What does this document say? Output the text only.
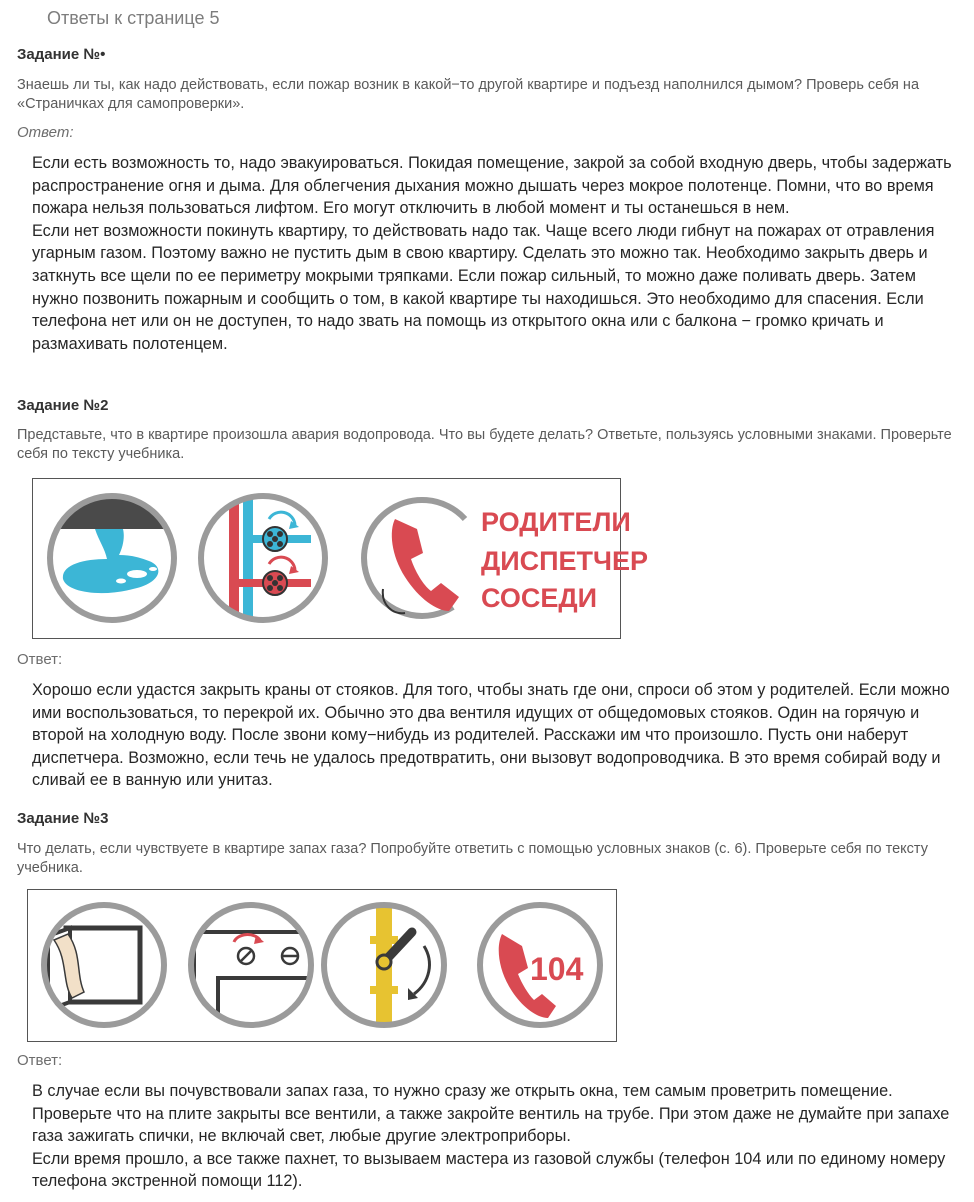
Ответы к странице 5
Задание №•
Знаешь ли ты, как надо действовать, если пожар возник в какой−то другой квартире и подъезд наполнился дымом? Проверь себя на «Страничках для самопроверки».
Ответ:

Если есть возможность то, надо эвакуироваться. Покидая помещение, закрой за собой входную дверь, чтобы задержать распространение огня и дыма. Для облегчения дыхания можно дышать через мокрое полотенце. Помни, что во время пожара нельзя пользоваться лифтом. Его могут отключить в любой момент и ты останешься в нем.

Если нет возможности покинуть квартиру, то действовать надо так. Чаще всего люди гибнут на пожарах от отравления угарным газом. Поэтому важно не пустить дым в свою квартиру. Сделать это можно так. Необходимо закрыть дверь и заткнуть все щели по ее периметру мокрыми тряпками. Если пожар сильный, то можно даже поливать дверь. Затем нужно позвонить пожарным и сообщить о том, в какой квартире ты находишься. Это необходимо для спасения. Если телефона нет или он не доступен, то надо звать на помощь из открытого окна или с балкона − громко кричать и размахивать полотенцем.

Задание №2
Представьте, что в квартире произошла авария водопровода. Что вы будете делать? Ответьте, пользуясь условными знаками. Проверьте себя по тексту учебника.
РОДИТЕЛИ
ДИСПЕТЧЕР
СОСЕДИ
Ответ:

Хорошо если удастся закрыть краны от стояков. Для того, чтобы знать где они, спроси об этом у родителей. Если можно ими воспользоваться, то перекрой их. Обычно это два вентиля идущих от общедомовых стояков. Один на горячую и второй на холодную воду. После звони кому−нибудь из родителей. Расскажи им что произошло. Пусть они наберут диспетчера. Возможно, если течь не удалось предотвратить, они вызовут водопроводчика. В это время собирай воду и сливай ее в ванную или унитаз.

Задание №3
Что делать, если чувствуете в квартире запах газа? Попробуйте ответить с помощью условных знаков (с. 6). Проверьте себя по тексту учебника.
104
Ответ:

В случае если вы почувствовали запах газа, то нужно сразу же открыть окна, тем самым проветрить помещение. Проверьте что на плите закрыты все вентили, а также закройте вентиль на трубе. При этом даже не думайте при запахе газа зажигать спички, не включай свет, любые другие электроприборы.

Если время прошло, а все также пахнет, то вызываем мастера из газовой службы (телефон 104 или по единому номеру телефона экстренной помощи 112).
